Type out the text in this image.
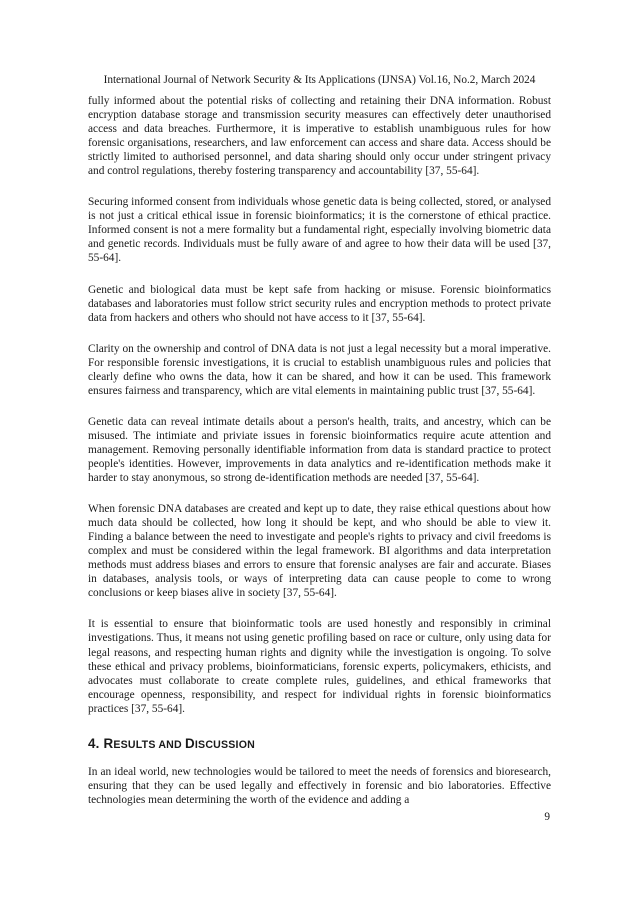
International Journal of Network Security & Its Applications (IJNSA) Vol.16, No.2, March 2024

fully informed about the potential risks of collecting and retaining their DNA information. Robust encryption database storage and transmission security measures can effectively deter unauthorised access and data breaches. Furthermore, it is imperative to establish unambiguous rules for how forensic organisations, researchers, and law enforcement can access and share data. Access should be strictly limited to authorised personnel, and data sharing should only occur under stringent privacy and control regulations, thereby fostering transparency and accountability [37, 55-64].

Securing informed consent from individuals whose genetic data is being collected, stored, or analysed is not just a critical ethical issue in forensic bioinformatics; it is the cornerstone of ethical practice. Informed consent is not a mere formality but a fundamental right, especially involving biometric data and genetic records. Individuals must be fully aware of and agree to how their data will be used [37, 55-64].

Genetic and biological data must be kept safe from hacking or misuse. Forensic bioinformatics databases and laboratories must follow strict security rules and encryption methods to protect private data from hackers and others who should not have access to it [37, 55-64].

Clarity on the ownership and control of DNA data is not just a legal necessity but a moral imperative. For responsible forensic investigations, it is crucial to establish unambiguous rules and policies that clearly define who owns the data, how it can be shared, and how it can be used. This framework ensures fairness and transparency, which are vital elements in maintaining public trust [37, 55-64].

Genetic data can reveal intimate details about a person's health, traits, and ancestry, which can be misused. The intimiate and priviate issues in forensic bioinformatics require acute attention and management. Removing personally identifiable information from data is standard practice to protect people's identities. However, improvements in data analytics and re-identification methods make it harder to stay anonymous, so strong de-identification methods are needed [37, 55-64].

When forensic DNA databases are created and kept up to date, they raise ethical questions about how much data should be collected, how long it should be kept, and who should be able to view it. Finding a balance between the need to investigate and people's rights to privacy and civil freedoms is complex and must be considered within the legal framework. BI algorithms and data interpretation methods must address biases and errors to ensure that forensic analyses are fair and accurate. Biases in databases, analysis tools, or ways of interpreting data can cause people to come to wrong conclusions or keep biases alive in society [37, 55-64].

It is essential to ensure that bioinformatic tools are used honestly and responsibly in criminal investigations. Thus, it means not using genetic profiling based on race or culture, only using data for legal reasons, and respecting human rights and dignity while the investigation is ongoing. To solve these ethical and privacy problems, bioinformaticians, forensic experts, policymakers, ethicists, and advocates must collaborate to create complete rules, guidelines, and ethical frameworks that encourage openness, responsibility, and respect for individual rights in forensic bioinformatics practices [37, 55-64].

4. RESULTS AND DISCUSSION

In an ideal world, new technologies would be tailored to meet the needs of forensics and bioresearch, ensuring that they can be used legally and effectively in forensic and bio laboratories. Effective technologies mean determining the worth of the evidence and adding a

9
